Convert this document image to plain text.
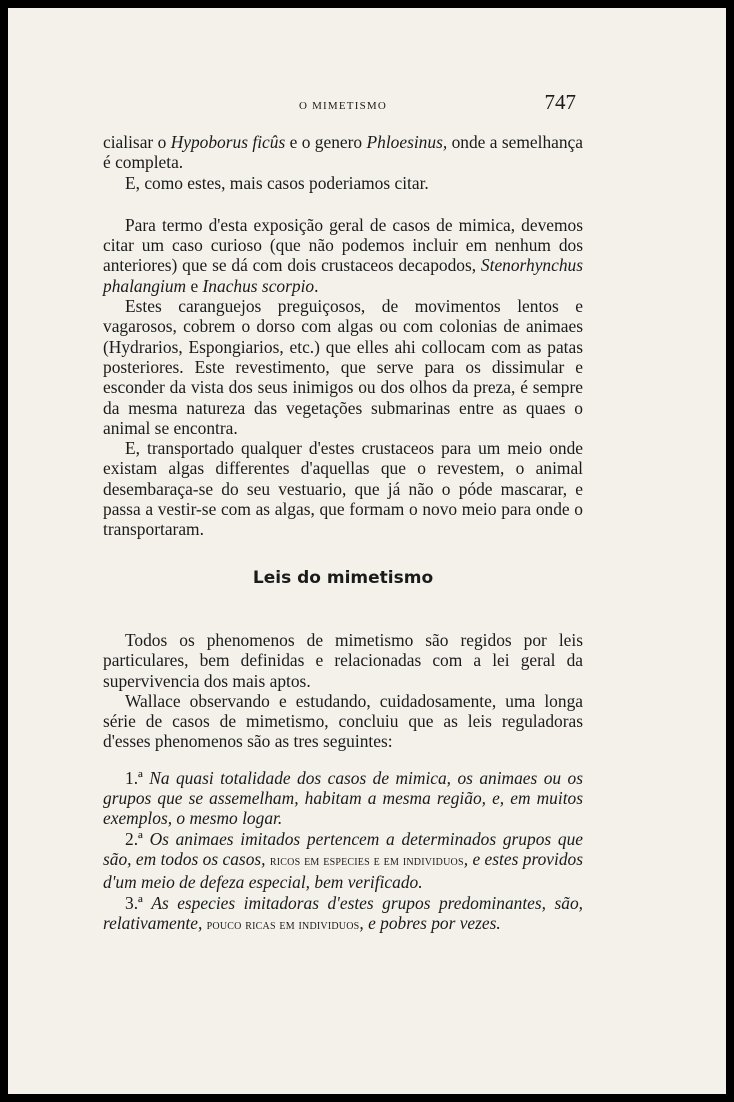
O MIMETISMO	747

cialisar o Hypoborus ficûs e o genero Phloesinus, onde a semelhança é completa.

E, como estes, mais casos poderiamos citar.

Para termo d'esta exposição geral de casos de mimica, devemos citar um caso curioso (que não podemos incluir em nenhum dos anteriores) que se dá com dois crustaceos decapodos, Stenorhynchus phalangium e Inachus scorpio.

Estes caranguejos preguiçosos, de movimentos lentos e vagarosos, cobrem o dorso com algas ou com colonias de animaes (Hydrarios, Espongiarios, etc.) que elles ahi collocam com as patas posteriores. Este revestimento, que serve para os dissimular e esconder da vista dos seus inimigos ou dos olhos da preza, é sempre da mesma natureza das vegetações submarinas entre as quaes o animal se encontra.

E, transportado qualquer d'estes crustaceos para um meio onde existam algas differentes d'aquellas que o revestem, o animal desembaraça-se do seu vestuario, que já não o póde mascarar, e passa a vestir-se com as algas, que formam o novo meio para onde o transportaram.

Leis do mimetismo

Todos os phenomenos de mimetismo são regidos por leis particulares, bem definidas e relacionadas com a lei geral da supervivencia dos mais aptos.

Wallace observando e estudando, cuidadosamente, uma longa série de casos de mimetismo, concluiu que as leis reguladoras d'esses phenomenos são as tres seguintes:

1.ª Na quasi totalidade dos casos de mimica, os animaes ou os grupos que se assemelham, habitam a mesma região, e, em muitos exemplos, o mesmo logar.

2.ª Os animaes imitados pertencem a determinados grupos que são, em todos os casos, ricos em especies e em individuos, e estes providos d'um meio de defeza especial, bem verificado.

3.ª As especies imitadoras d'estes grupos predominantes, são, relativamente, pouco ricas em individuos, e pobres por vezes.
